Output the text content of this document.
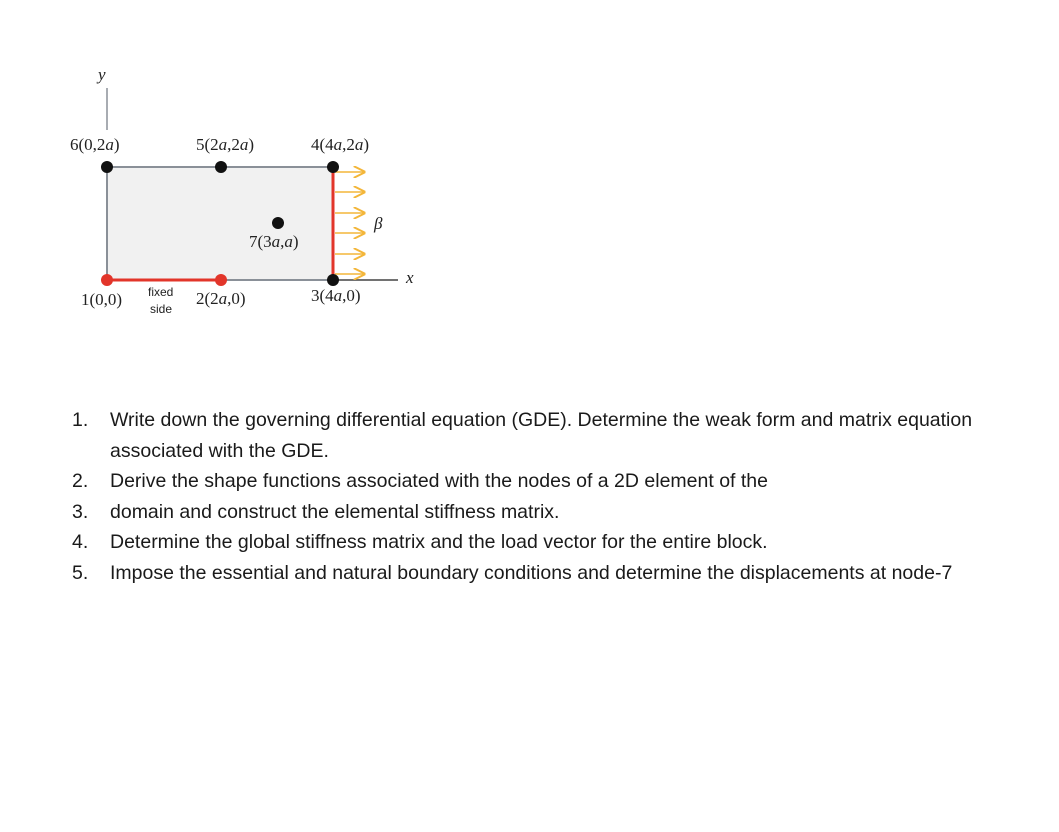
y
x
β
6(0,2a)	5(2a,2a)	4(4a,2a)
7(3a,a)
1(0,0)	2(2a,0)	3(4a,0)
fixed
side
1. Write down the governing differential equation (GDE). Determine the weak form and matrix equation associated with the GDE.
2. Derive the shape functions associated with the nodes of a 2D element of the
3. domain and construct the elemental stiffness matrix.
4. Determine the global stiffness matrix and the load vector for the entire block.
5. Impose the essential and natural boundary conditions and determine the displacements at node-7
